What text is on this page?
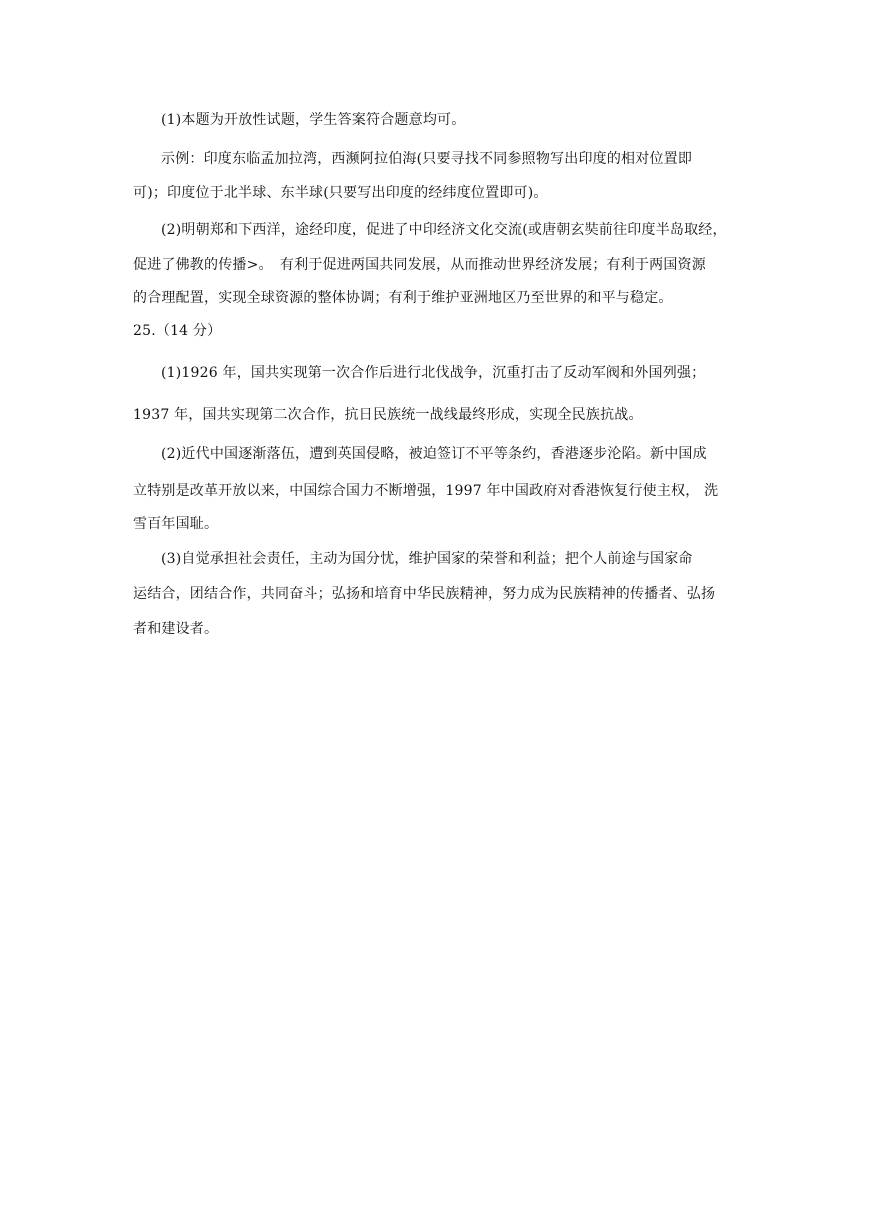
(1)本题为开放性试题，学生答案符合题意均可。
示例：印度东临孟加拉湾，西濒阿拉伯海(只要寻找不同参照物写出印度的相对位置即
可)；印度位于北半球、东半球(只要写出印度的经纬度位置即可)。
(2)明朝郑和下西洋，途经印度，促进了中印经济文化交流(或唐朝玄奘前往印度半岛取经，
促进了佛教的传播>。　有利于促进两国共同发展，从而推动世界经济发展；有利于两国资源
的合理配置，实现全球资源的整体协调；有利于维护亚洲地区乃至世界的和平与稳定。
25.（14 分）
(1)1926 年，国共实现第一次合作后进行北伐战争，沉重打击了反动军阀和外国列强；
1937 年，国共实现第二次合作，抗日民族统一战线最终形成，实现全民族抗战。
(2)近代中国逐渐落伍，遭到英国侵略，被迫签订不平等条约，香港逐步沦陷。新中国成
立特别是改革开放以来，中国综合国力不断增强，1997 年中国政府对香港恢复行使主权， 洗
雪百年国耻。
(3)自觉承担社会责任，主动为国分忧，维护国家的荣誉和利益；把个人前途与国家命
运结合，团结合作，共同奋斗；弘扬和培育中华民族精神，努力成为民族精神的传播者、弘扬
者和建设者。
